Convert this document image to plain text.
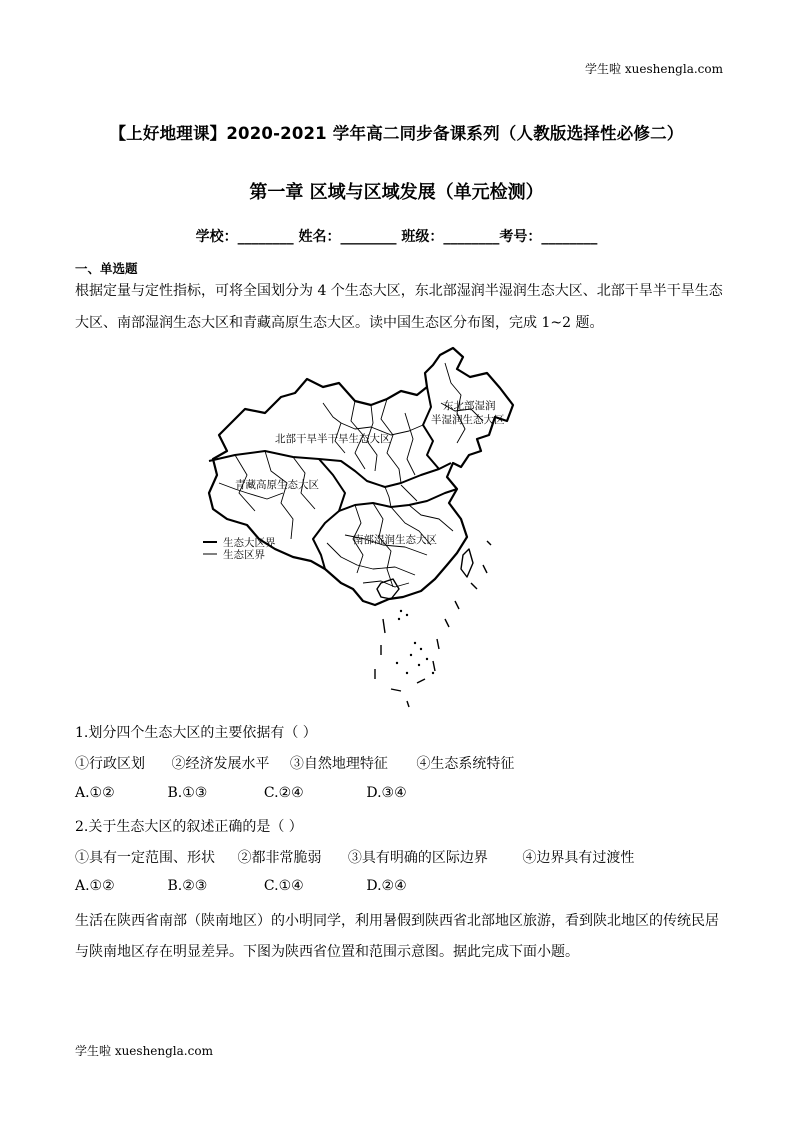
学生啦 xueshengla.com
【上好地理课】2020-2021 学年高二同步备课系列（人教版选择性必修二）
第一章 区域与区域发展（单元检测）
学校：________ 姓名：________ 班级：________考号：________
一、单选题
根据定量与定性指标，可将全国划分为 4 个生态大区，东北部湿润半湿润生态大区、北部干旱半干旱生态
大区、南部湿润生态大区和青藏高原生态大区。读中国生态区分布图，完成 1~2 题。
东北部湿润
半湿润生态大区
北部干旱半干旱生态大区
青藏高原生态大区
南部湿润生态大区
生态大区界
生态区界
1.划分四个生态大区的主要依据有（ ）
①行政区划 ②经济发展水平 ③自然地理特征 ④生态系统特征
A.①②	B.①③	C.②④	D.③④
2.关于生态大区的叙述正确的是（ ）
①具有一定范围、形状 ②都非常脆弱 ③具有明确的区际边界 ④边界具有过渡性
A.①②	B.②③	C.①④	D.②④
生活在陕西省南部（陕南地区）的小明同学，利用暑假到陕西省北部地区旅游，看到陕北地区的传统民居
与陕南地区存在明显差异。下图为陕西省位置和范围示意图。据此完成下面小题。
学生啦 xueshengla.com
